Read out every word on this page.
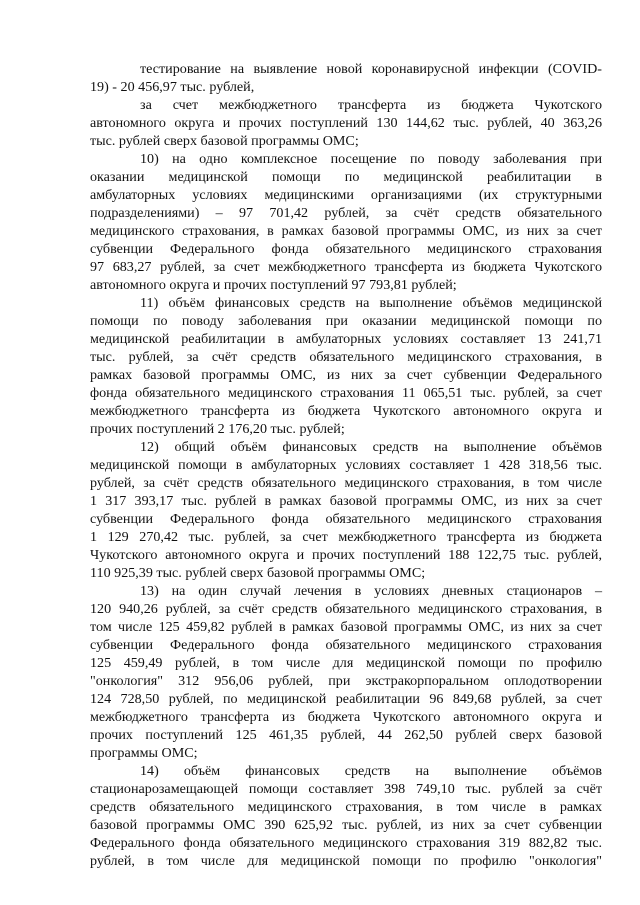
тестирование на выявление новой коронавирусной инфекции (COVID-
19) - 20 456,97 тыс. рублей,
за счет межбюджетного трансферта из бюджета Чукотского
автономного округа и прочих поступлений 130 144,62 тыс. рублей, 40 363,26
тыс. рублей сверх базовой программы ОМС;
10) на одно комплексное посещение по поводу заболевания при
оказании медицинской помощи по медицинской реабилитации в
амбулаторных условиях медицинскими организациями (их структурными
подразделениями) – 97 701,42 рублей, за счёт средств обязательного
медицинского страхования, в рамках базовой программы ОМС, из них за счет
субвенции Федерального фонда обязательного медицинского страхования
97 683,27 рублей, за счет межбюджетного трансферта из бюджета Чукотского
автономного округа и прочих поступлений 97 793,81 рублей;
11) объём финансовых средств на выполнение объёмов медицинской
помощи по поводу заболевания при оказании медицинской помощи по
медицинской реабилитации в амбулаторных условиях составляет 13 241,71
тыс. рублей, за счёт средств обязательного медицинского страхования, в
рамках базовой программы ОМС, из них за счет субвенции Федерального
фонда обязательного медицинского страхования 11 065,51 тыс. рублей, за счет
межбюджетного трансферта из бюджета Чукотского автономного округа и
прочих поступлений 2 176,20 тыс. рублей;
12) общий объём финансовых средств на выполнение объёмов
медицинской помощи в амбулаторных условиях составляет 1 428 318,56 тыс.
рублей, за счёт средств обязательного медицинского страхования, в том числе
1 317 393,17 тыс. рублей в рамках базовой программы ОМС, из них за счет
субвенции Федерального фонда обязательного медицинского страхования
1 129 270,42 тыс. рублей, за счет межбюджетного трансферта из бюджета
Чукотского автономного округа и прочих поступлений 188 122,75 тыс. рублей,
110 925,39 тыс. рублей сверх базовой программы ОМС;
13) на один случай лечения в условиях дневных стационаров –
120 940,26 рублей, за счёт средств обязательного медицинского страхования, в
том числе 125 459,82 рублей в рамках базовой программы ОМС, из них за счет
субвенции Федерального фонда обязательного медицинского страхования
125 459,49 рублей, в том числе для медицинской помощи по профилю
"онкология" 312 956,06 рублей, при экстракорпоральном оплодотворении
124 728,50 рублей, по медицинской реабилитации 96 849,68 рублей, за счет
межбюджетного трансферта из бюджета Чукотского автономного округа и
прочих поступлений 125 461,35 рублей, 44 262,50 рублей сверх базовой
программы ОМС;
14) объём финансовых средств на выполнение объёмов
стационарозамещающей помощи составляет 398 749,10 тыс. рублей за счёт
средств обязательного медицинского страхования, в том числе в рамках
базовой программы ОМС 390 625,92 тыс. рублей, из них за счет субвенции
Федерального фонда обязательного медицинского страхования 319 882,82 тыс.
рублей, в том числе для медицинской помощи по профилю "онкология"
